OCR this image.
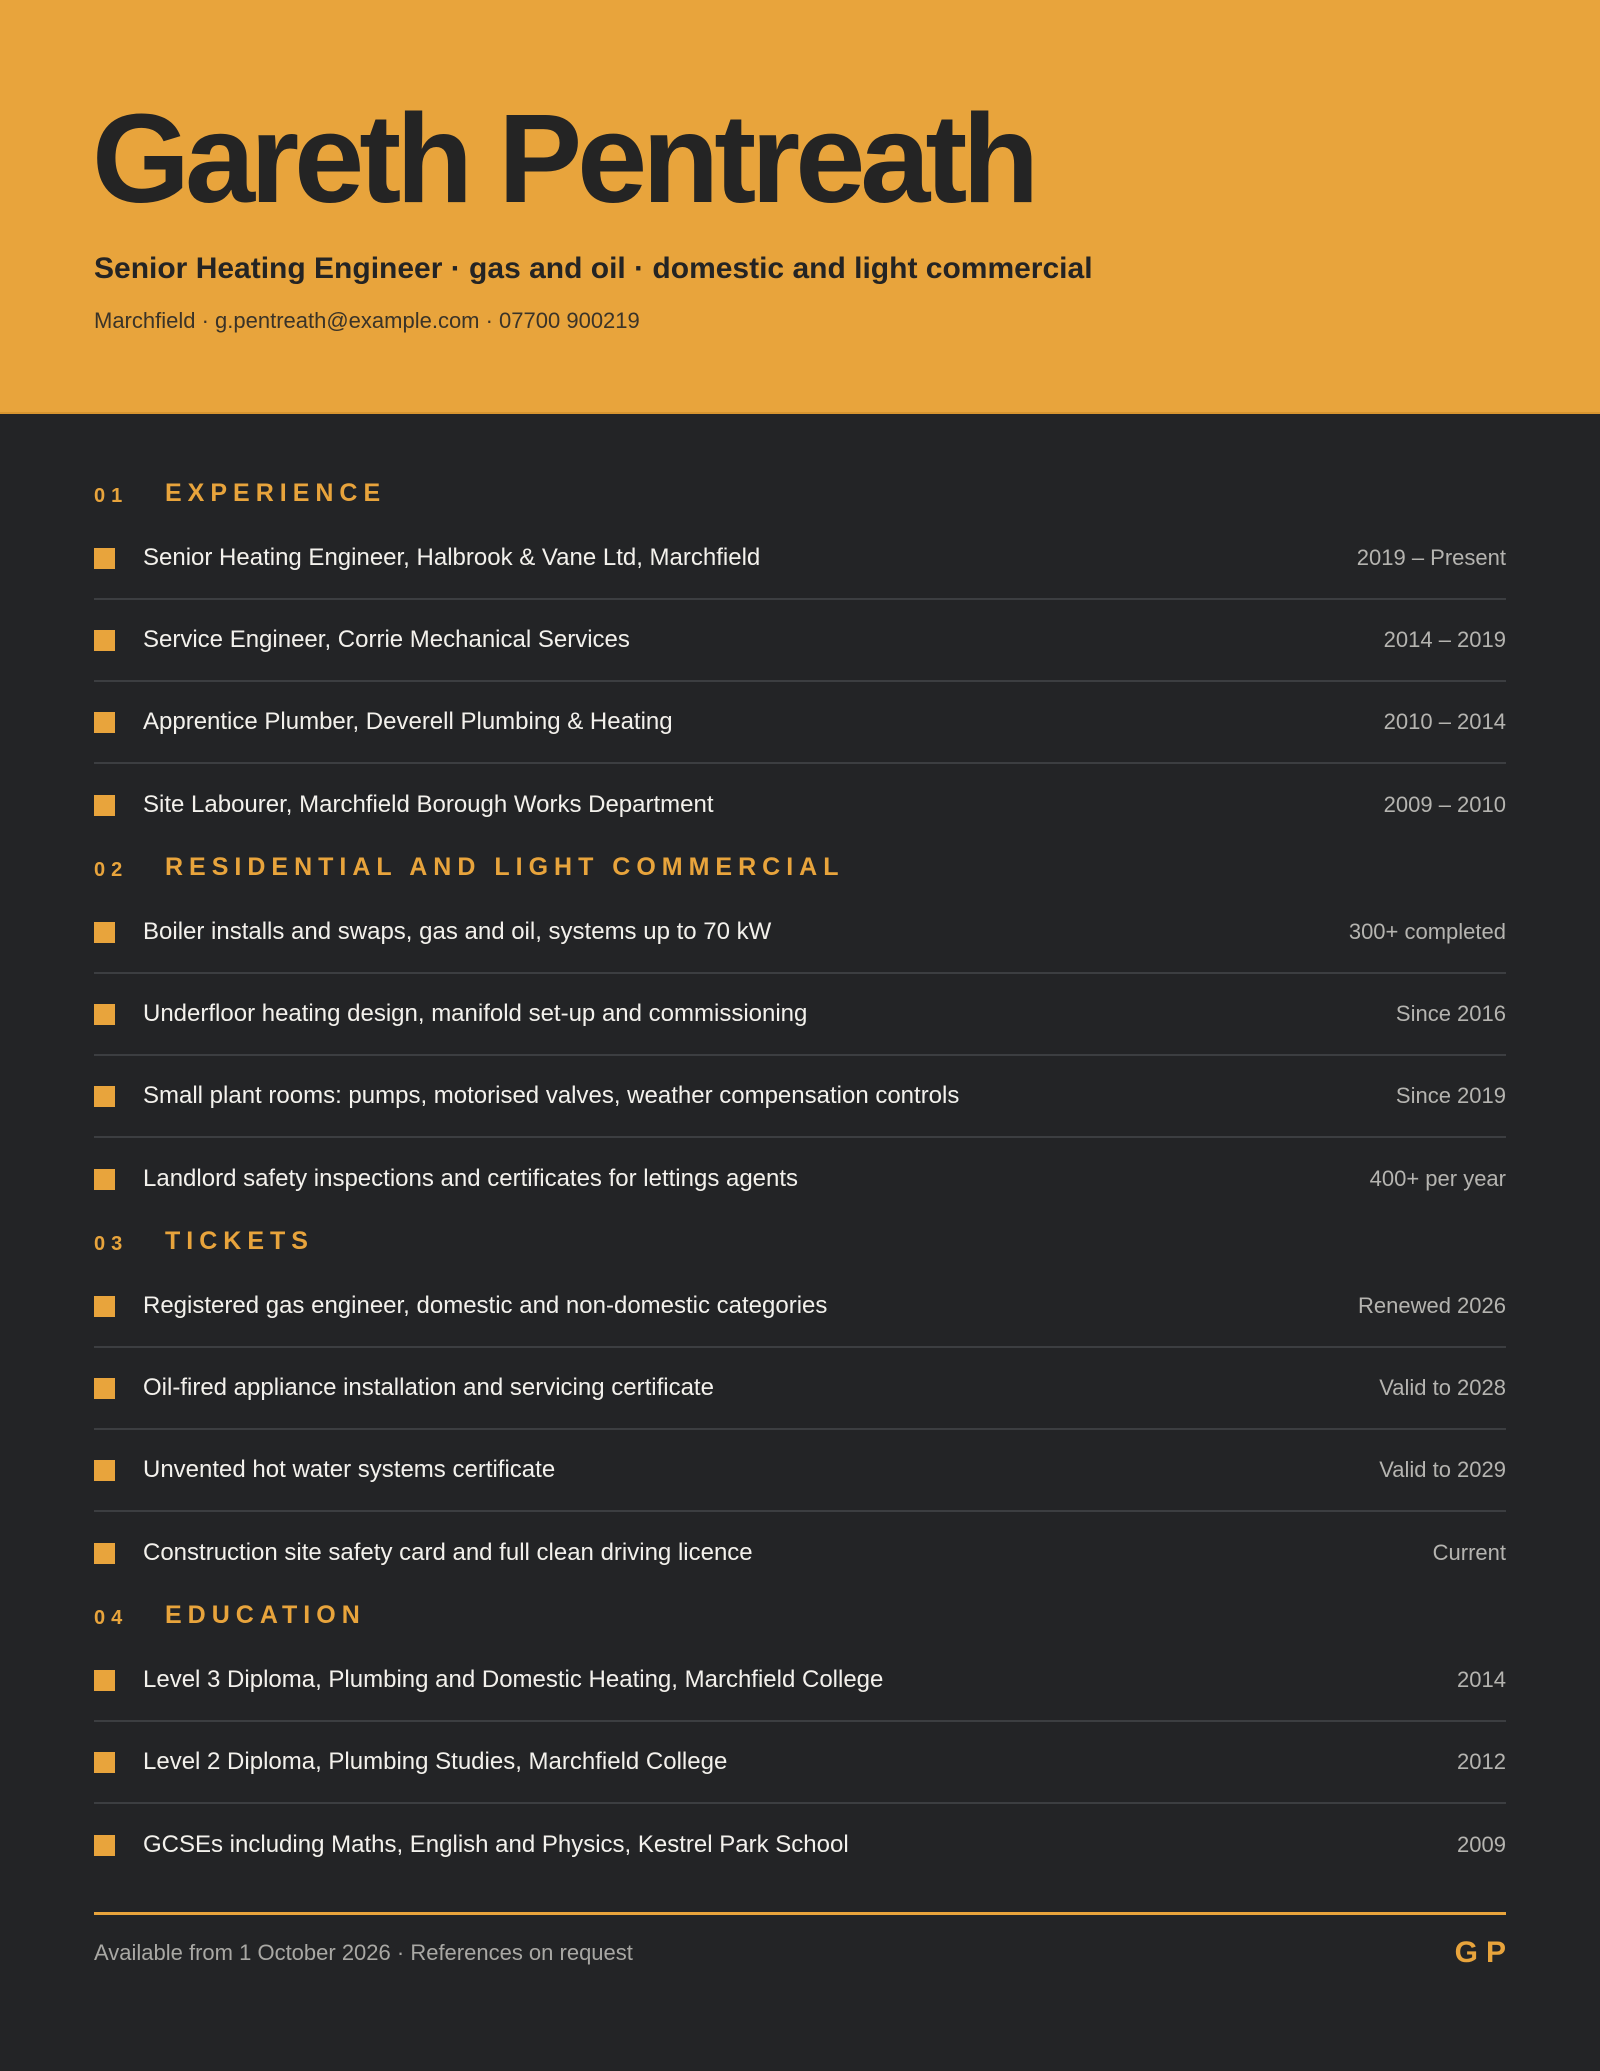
Gareth Pentreath
Senior Heating Engineer · gas and oil · domestic and light commercial
Marchfield · g.pentreath@example.com · 07700 900219
01	EXPERIENCE
Senior Heating Engineer, Halbrook & Vane Ltd, Marchfield	2019 – Present
Service Engineer, Corrie Mechanical Services	2014 – 2019
Apprentice Plumber, Deverell Plumbing & Heating	2010 – 2014
Site Labourer, Marchfield Borough Works Department	2009 – 2010
02	RESIDENTIAL AND LIGHT COMMERCIAL
Boiler installs and swaps, gas and oil, systems up to 70 kW	300+ completed
Underfloor heating design, manifold set-up and commissioning	Since 2016
Small plant rooms: pumps, motorised valves, weather compensation controls	Since 2019
Landlord safety inspections and certificates for lettings agents	400+ per year
03	TICKETS
Registered gas engineer, domestic and non-domestic categories	Renewed 2026
Oil-fired appliance installation and servicing certificate	Valid to 2028
Unvented hot water systems certificate	Valid to 2029
Construction site safety card and full clean driving licence	Current
04	EDUCATION
Level 3 Diploma, Plumbing and Domestic Heating, Marchfield College	2014
Level 2 Diploma, Plumbing Studies, Marchfield College	2012
GCSEs including Maths, English and Physics, Kestrel Park School	2009
Available from 1 October 2026 · References on request	GP
